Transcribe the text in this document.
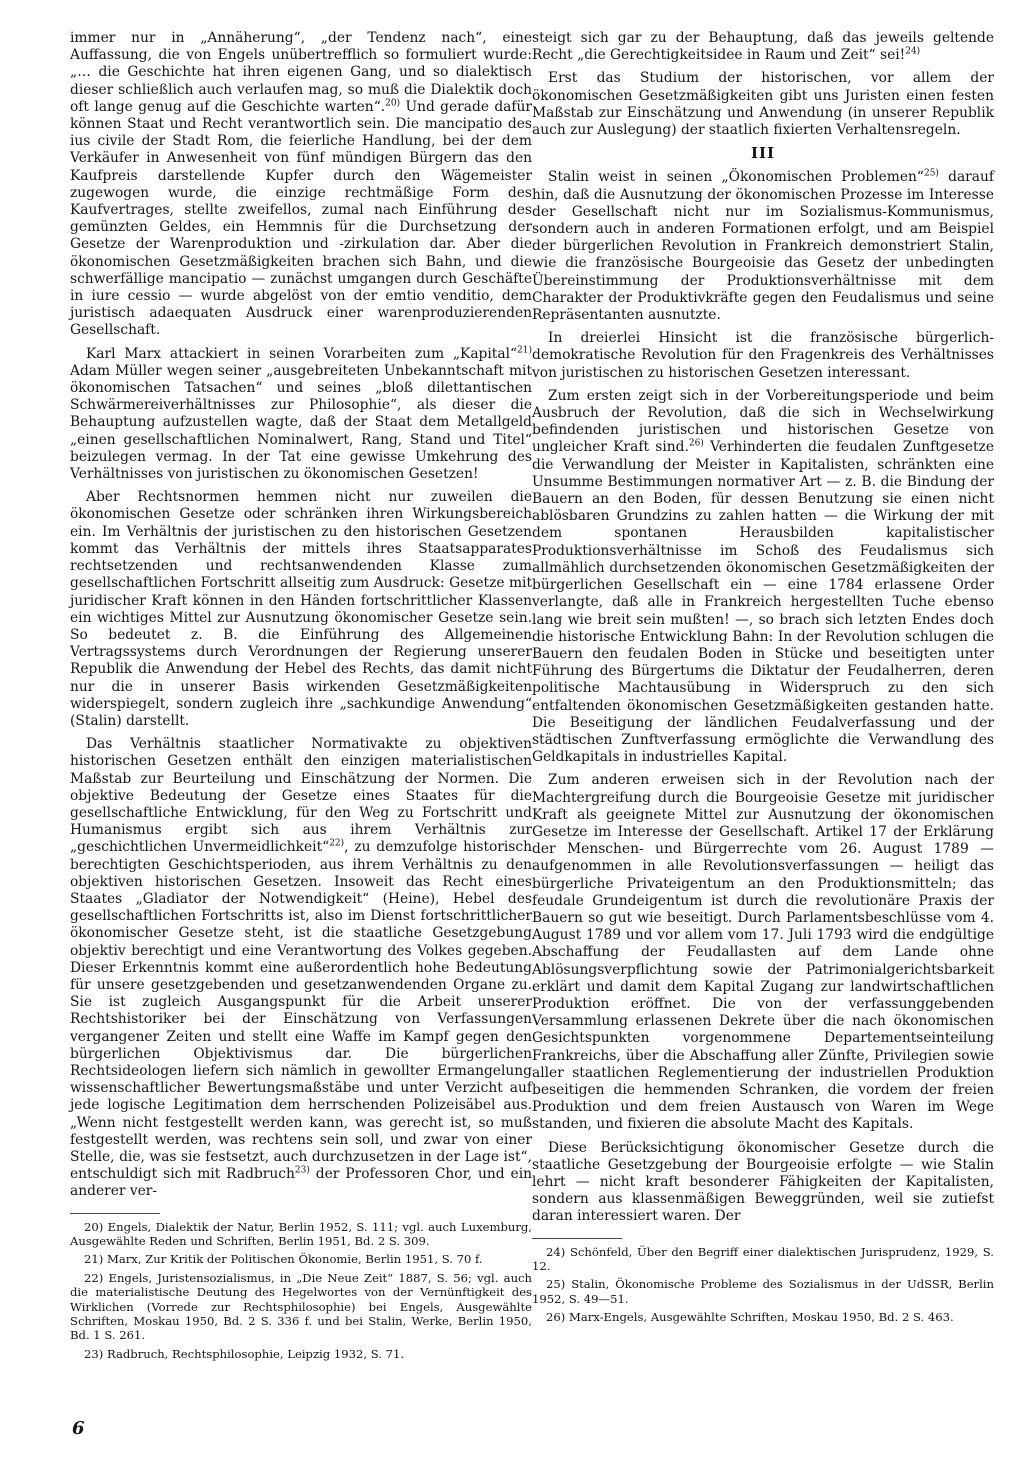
immer nur in „Annäherung“, „der Tendenz nach“, eine Auffassung, die von Engels unübertrefflich so formuliert wurde: „… die Geschichte hat ihren eigenen Gang, und so dialektisch dieser schließlich auch verlaufen mag, so muß die Dialektik doch oft lange genug auf die Geschichte warten“.$^{20)}$ Und gerade dafür können Staat und Recht verantwortlich sein. Die mancipatio des ius civile der Stadt Rom, die feierliche Handlung, bei der dem Verkäufer in Anwesenheit von fünf mündigen Bürgern das den Kaufpreis darstellende Kupfer durch den Wägemeister zugewogen wurde, die einzige rechtmäßige Form des Kaufvertrages, stellte zweifellos, zumal nach Einführung des gemünzten Geldes, ein Hemmnis für die Durchsetzung der Gesetze der Warenproduktion und -zirkulation dar. Aber die ökonomischen Gesetzmäßigkeiten brachen sich Bahn, und die schwerfällige mancipatio — zunächst umgangen durch Geschäfte in iure cessio — wurde abgelöst von der emtio venditio, dem juristisch adaequaten Ausdruck einer warenproduzierenden Gesellschaft.

Karl Marx attackiert in seinen Vorarbeiten zum „Kapital“$^{21)}$ Adam Müller wegen seiner „ausgebreiteten Unbekanntschaft mit ökonomischen Tatsachen“ und seines „bloß dilettantischen Schwärmereiverhältnisses zur Philosophie“, als dieser die Behauptung aufzustellen wagte, daß der Staat dem Metallgeld „einen gesellschaftlichen Nominalwert, Rang, Stand und Titel“ beizulegen vermag. In der Tat eine gewisse Umkehrung des Verhältnisses von juristischen zu ökonomischen Gesetzen!

Aber Rechtsnormen hemmen nicht nur zuweilen die ökonomischen Gesetze oder schränken ihren Wirkungsbereich ein. Im Verhältnis der juristischen zu den historischen Gesetzen kommt das Verhältnis der mittels ihres Staatsapparates rechtsetzenden und rechtsanwendenden Klasse zum gesellschaftlichen Fortschritt allseitig zum Ausdruck: Gesetze mit juridischer Kraft können in den Händen fortschrittlicher Klassen ein wichtiges Mittel zur Ausnutzung ökonomischer Gesetze sein. So bedeutet z. B. die Einführung des Allgemeinen Vertragssystems durch Verordnungen der Regierung unserer Republik die Anwendung der Hebel des Rechts, das damit nicht nur die in unserer Basis wirkenden Gesetzmäßigkeiten widerspiegelt, sondern zugleich ihre „sachkundige Anwendung“ (Stalin) darstellt.

Das Verhältnis staatlicher Normativakte zu objektiven historischen Gesetzen enthält den einzigen materialistischen Maßstab zur Beurteilung und Einschätzung der Normen. Die objektive Bedeutung der Gesetze eines Staates für die gesellschaftliche Entwicklung, für den Weg zu Fortschritt und Humanismus ergibt sich aus ihrem Verhältnis zur „geschichtlichen Unvermeidlichkeit“$^{22)}$, zu demzufolge historisch berechtigten Geschichtsperioden, aus ihrem Verhältnis zu den objektiven historischen Gesetzen. Insoweit das Recht eines Staates „Gladiator der Notwendigkeit“ (Heine), Hebel des gesellschaftlichen Fortschritts ist, also im Dienst fortschrittlicher ökonomischer Gesetze steht, ist die staatliche Gesetzgebung objektiv berechtigt und eine Verantwortung des Volkes gegeben. Dieser Erkenntnis kommt eine außerordentlich hohe Bedeutung für unsere gesetzgebenden und gesetzanwendenden Organe zu. Sie ist zugleich Ausgangspunkt für die Arbeit unserer Rechtshistoriker bei der Einschätzung von Verfassungen vergangener Zeiten und stellt eine Waffe im Kampf gegen den bürgerlichen Objektivismus dar. Die bürgerlichen Rechtsideologen liefern sich nämlich in gewollter Ermangelung wissenschaftlicher Bewertungsmaßstäbe und unter Verzicht auf jede logische Legitimation dem herrschenden Polizeisäbel aus. „Wenn nicht festgestellt werden kann, was gerecht ist, so muß festgestellt werden, was rechtens sein soll, und zwar von einer Stelle, die, was sie festsetzt, auch durchzusetzen in der Lage ist“, entschuldigt sich mit Radbruch$^{23)}$ der Professoren Chor, und ein anderer ver-

20) Engels, Dialektik der Natur, Berlin 1952, S. 111; vgl. auch Luxemburg, Ausgewählte Reden und Schriften, Berlin 1951, Bd. 2 S. 309.

21) Marx, Zur Kritik der Politischen Ökonomie, Berlin 1951, S. 70 f.

22) Engels, Juristensozialismus, in „Die Neue Zeit“ 1887, S. 56; vgl. auch die materialistische Deutung des Hegelwortes von der Vernünftigkeit des Wirklichen (Vorrede zur Rechtsphilosophie) bei Engels, Ausgewählte Schriften, Moskau 1950, Bd. 2 S. 336 f. und bei Stalin, Werke, Berlin 1950, Bd. 1 S. 261.

23) Radbruch, Rechtsphilosophie, Leipzig 1932, S. 71.

steigt sich gar zu der Behauptung, daß das jeweils geltende Recht „die Gerechtigkeitsidee in Raum und Zeit“ sei!$^{24)}$

Erst das Studium der historischen, vor allem der ökonomischen Gesetzmäßigkeiten gibt uns Juristen einen festen Maßstab zur Einschätzung und Anwendung (in unserer Republik auch zur Auslegung) der staatlich fixierten Verhaltensregeln.

III

Stalin weist in seinen „Ökonomischen Problemen“$^{25)}$ darauf hin, daß die Ausnutzung der ökonomischen Prozesse im Interesse der Gesellschaft nicht nur im Sozialismus-Kommunismus, sondern auch in anderen Formationen erfolgt, und am Beispiel der bürgerlichen Revolution in Frankreich demonstriert Stalin, wie die französische Bourgeoisie das Gesetz der unbedingten Übereinstimmung der Produktionsverhältnisse mit dem Charakter der Produktivkräfte gegen den Feudalismus und seine Repräsentanten ausnutzte.

In dreierlei Hinsicht ist die französische bürgerlich-demokratische Revolution für den Fragenkreis des Verhältnisses von juristischen zu historischen Gesetzen interessant.

Zum ersten zeigt sich in der Vorbereitungsperiode und beim Ausbruch der Revolution, daß die sich in Wechselwirkung befindenden juristischen und historischen Gesetze von ungleicher Kraft sind.$^{26)}$ Verhinderten die feudalen Zunftgesetze die Verwandlung der Meister in Kapitalisten, schränkten eine Unsumme Bestimmungen normativer Art — z. B. die Bindung der Bauern an den Boden, für dessen Benutzung sie einen nicht ablösbaren Grundzins zu zahlen hatten — die Wirkung der mit dem spontanen Herausbilden kapitalistischer Produktionsverhältnisse im Schoß des Feudalismus sich allmählich durchsetzenden ökonomischen Gesetzmäßigkeiten der bürgerlichen Gesellschaft ein — eine 1784 erlassene Order verlangte, daß alle in Frankreich hergestellten Tuche ebenso lang wie breit sein mußten! —, so brach sich letzten Endes doch die historische Entwicklung Bahn: In der Revolution schlugen die Bauern den feudalen Boden in Stücke und beseitigten unter Führung des Bürgertums die Diktatur der Feudalherren, deren politische Machtausübung in Widerspruch zu den sich entfaltenden ökonomischen Gesetzmäßigkeiten gestanden hatte. Die Beseitigung der ländlichen Feudalverfassung und der städtischen Zunftverfassung ermöglichte die Verwandlung des Geldkapitals in industrielles Kapital.

Zum anderen erweisen sich in der Revolution nach der Machtergreifung durch die Bourgeoisie Gesetze mit juridischer Kraft als geeignete Mittel zur Ausnutzung der ökonomischen Gesetze im Interesse der Gesellschaft. Artikel 17 der Erklärung der Menschen- und Bürgerrechte vom 26. August 1789 — aufgenommen in alle Revolutionsverfassungen — heiligt das bürgerliche Privateigentum an den Produktionsmitteln; das feudale Grundeigentum ist durch die revolutionäre Praxis der Bauern so gut wie beseitigt. Durch Parlamentsbeschlüsse vom 4. August 1789 und vor allem vom 17. Juli 1793 wird die endgültige Abschaffung der Feudallasten auf dem Lande ohne Ablösungsverpflichtung sowie der Patrimonialgerichtsbarkeit erklärt und damit dem Kapital Zugang zur landwirtschaftlichen Produktion eröffnet. Die von der verfassunggebenden Versammlung erlassenen Dekrete über die nach ökonomischen Gesichtspunkten vorgenommene Departementseinteilung Frankreichs, über die Abschaffung aller Zünfte, Privilegien sowie aller staatlichen Reglementierung der industriellen Produktion beseitigen die hemmenden Schranken, die vordem der freien Produktion und dem freien Austausch von Waren im Wege standen, und fixieren die absolute Macht des Kapitals.

Diese Berücksichtigung ökonomischer Gesetze durch die staatliche Gesetzgebung der Bourgeoisie erfolgte — wie Stalin lehrt — nicht kraft besonderer Fähigkeiten der Kapitalisten, sondern aus klassenmäßigen Beweggründen, weil sie zutiefst daran interessiert waren. Der

24) Schönfeld, Über den Begriff einer dialektischen Jurisprudenz, 1929, S. 12.

25) Stalin, Ökonomische Probleme des Sozialismus in der UdSSR, Berlin 1952, S. 49—51.

26) Marx-Engels, Ausgewählte Schriften, Moskau 1950, Bd. 2 S. 463.

6
